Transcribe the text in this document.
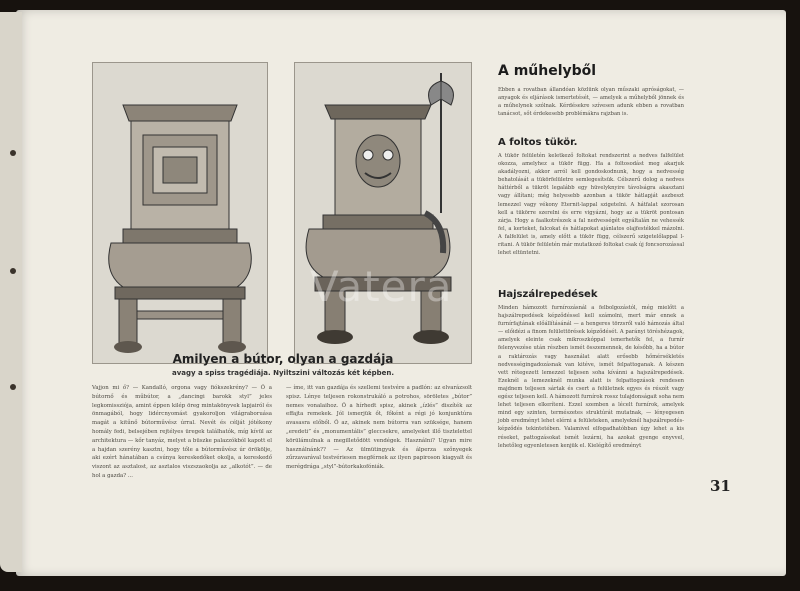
Vatera
Amilyen a bútor, olyan a gazdája
avagy a spiss tragédiája. Nyiltszini változás két képben.
Vajjon mi ő? — Kandalló, orgona vagy fiókszekrény? — Ő a bútornő és műbútor, a „dancingi barokk styl” jeles legkomissziója, amint éppen kilép öreg mintakönyvek lapjairól és önmagából, hogy lidércnyomást gyakoroljon világraboruása magát a kitűnő bútorművész úrral. Nevét és célját jótékony homály fedi, belsejében rejtélyes üregek találhatók, míg kívül az architektura — kőr tanyáz, melyet a büszke palazzókból kapott el a hajdan szerény kasztni, hogy tőle a bútorművész úr örökölje, aki ezért hánatában a csúnya kereskedőket okolja, a kereskedő viszont az asztalost, az asztalos viszszaokolja az „alkotót”. — de hol a gazda? ...
— íme, itt van gazdája és szellemi testvére a padlón: az elvarázsolt spisz. Lénye teljesen rokonstrukáló a potrohos, söröletes „bútor” nemes vonalaihoz. Ő a hírhedt spisz, akinek „ízlés” diszíték az effajta remekek. Jól ismerjük őt, főként a régi jó konjunktúra avasasra előből. Ő az, akinek nem bútorra van szüksége, hanem „eredeti” és „monumentális” gleccsekre, amelyeket illő tisztelettel körülámulnak a megilletődött vendégek. Használni? Ugyan mire használnánk?? — Az ülmütingyuk és álperza szőnyegek zűrzavarával testvériesen megférnek az ilyen papiroson kiagyalt és merégdrága „styl”-bútorkakofóniák.
A műhelyből
Ebben a rovatban állandóan közlünk olyan műszaki apróságokat, — anyagok és eljárások ismertetését, — amelyek a műhelyből jönnek és a műhelynek szólnak. Kérdésekre szívesen adunk ebben a rovatban tanácsot, sőt érdekesebb problémákra rajzban is.
A foltos tükör.
A tükör felületén keletkező foltokat rendszerint a nedves falfelület okozza, amelyhez a tükör függ. Ha a foltosodást meg akarjuk akadályozni, akkor arról kell gondoskodnunk, hogy a nedvesség behatolását a tükörfelületre semlegesítsük. Célszerű dolog a nedves háttérből a tükröt legalább egy hüvelyknyire távolságra akasztani vagy állítani; még helyesebb azonban a tükör hátlapját aszbeszt lemezzel vagy vékony Eternit-lappal szigetelni. A hátfalat szorosan kell a tükörre szerelni és erre vigyázni, hogy az a tükröt pontosan zárja. Hogy a faalkotrészek a fal nedvességét egyáltalán ne vehessék fel, a kerteket, falcokat és hátlapokat ajánlatos olajfestékkel mázolni. A falfelület is, amely előtt a tükör függ, célszerű szigetelőlappal l-ritani. A tükör felületén már mutatkozó foltokat csak új foncsorozással lehet eltüntetni.
Hajszálrepedések
Minden hámozott furnírozásnál a felbolgozástól, még mielőtt a hajszálrepedések képződéssel kell számolni, mert már ennek a furnírfajtának előállításánál — a hengeres törzsről való hámozás által — előidézi a finom felülettörések képződését. A parányi töréshézagok, amelyek eleinte csak mikroszkóppal ismerhetők fel, a furnír felenyvezése után részben ismét összemennek, de később, ha a bútor a raktározás vagy használat alatt erősebb hőmérsékletés nedvességingadozásnak van kitéve, ismét felpattoganak. A készen vett rétegezett lemezzel teljesen soha kívánni a hajszálrepedések. Ezeknél a lemezeknél munka alatt is felpattogzások rendesen majdnem teljesen sártak és csert a felületnek egyes és részét vagy egész teljesen kell. A hámozott furnírok rossz tulajdonságait soha nem lehet teljesen elkeríteni. Ezzel szemben a lécelt furnírok, amelyek mind egy szinten, természetes struktúrát mutatnak, — lényegesen jobb eredményt lehet elérni a felületeken, amelyeknél hajszálrepedés-képződés tekintetében. Valamivel elfogadhatóbban úgy lehet a kis réseket, pattogzásokat ismét lezárni, ha azokat gyenge enyvvel, lehetőleg egyenletesen kenjük el. Kielégítő eredményt
31
